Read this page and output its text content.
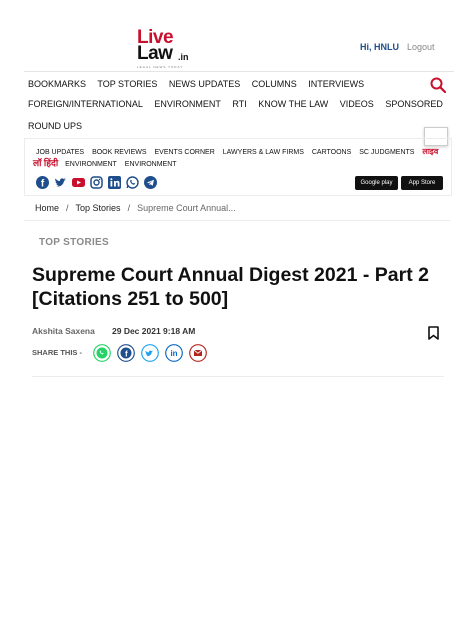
Live
Law .in
LEGAL NEWS TODAY
Hi, HNLU Logout
BOOKMARKS TOP STORIES NEWS UPDATES COLUMNS INTERVIEWS
FOREIGN/INTERNATIONAL ENVIRONMENT RTI KNOW THE LAW VIDEOS SPONSORED
ROUND UPS
JOB UPDATES BOOK REVIEWS EVENTS CORNER LAWYERS & LAW FIRMS CARTOONS SC JUDGMENTS लाइव
लॉ हिंदी ENVIRONMENT ENVIRONMENT
f	Google play	App Store
Home / Top Stories / Supreme Court Annual...
TOP STORIES
Supreme Court Annual Digest 2021 - Part 2 [Citations 251 to 500]
Akshita Saxena 29 Dec 2021 9:18 AM
SHARE THIS -	f	in
